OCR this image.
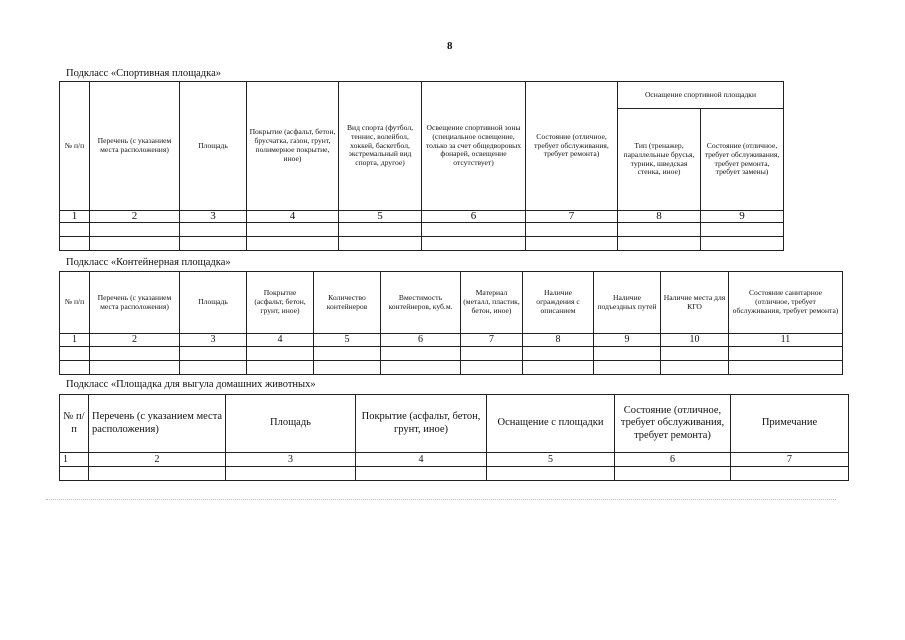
8
Подкласс «Спортивная площадка»
№ п/п	Перечень (с указанием места расположения)	Площадь	Покрытие (асфальт, бетон, брусчатка, газон, грунт, полимерное покрытие, иное)	Вид спорта (футбол, теннис, волейбол, хоккей, баскетбол, экстремальный вид спорта, другое)	Освещение спортивной зоны (специальное освещение, только за счет общедворовых фонарей, освещение отсутствует)	Состояние (отличное, требует обслуживания, требует ремонта)	Оснащение спортивной площадки	
							Тип (тренажер, параллельные брусья, турник, шведская стенка, иное)	Состояние (отличное, требует обслуживания, требует ремонта, требует замены)
1	2	3	4	5	6	7	8	9

Подкласс «Контейнерная площадка»
№ п/п	Перечень (с указанием места расположения)	Площадь	Покрытие (асфальт, бетон, грунт, иное)	Количество контейнеров	Вместимость контейнеров, куб.м.	Материал (металл, пластик, бетон, иное)	Наличие ограждения с описанием	Наличие подъездных путей	Наличие места для КГО	Состояние санитарное (отличное, требует обслуживания, требует ремонта)
1	2	3	4	5	6	7	8	9	10	11

Подкласс «Площадка для выгула домашних животных»
№ п/п	Перечень (с указанием места расположения)	Площадь	Покрытие (асфальт, бетон, грунт, иное)	Оснащение с площадки	Состояние (отличное, требует обслуживания, требует ремонта)	Примечание
1	2	3	4	5	6	7
